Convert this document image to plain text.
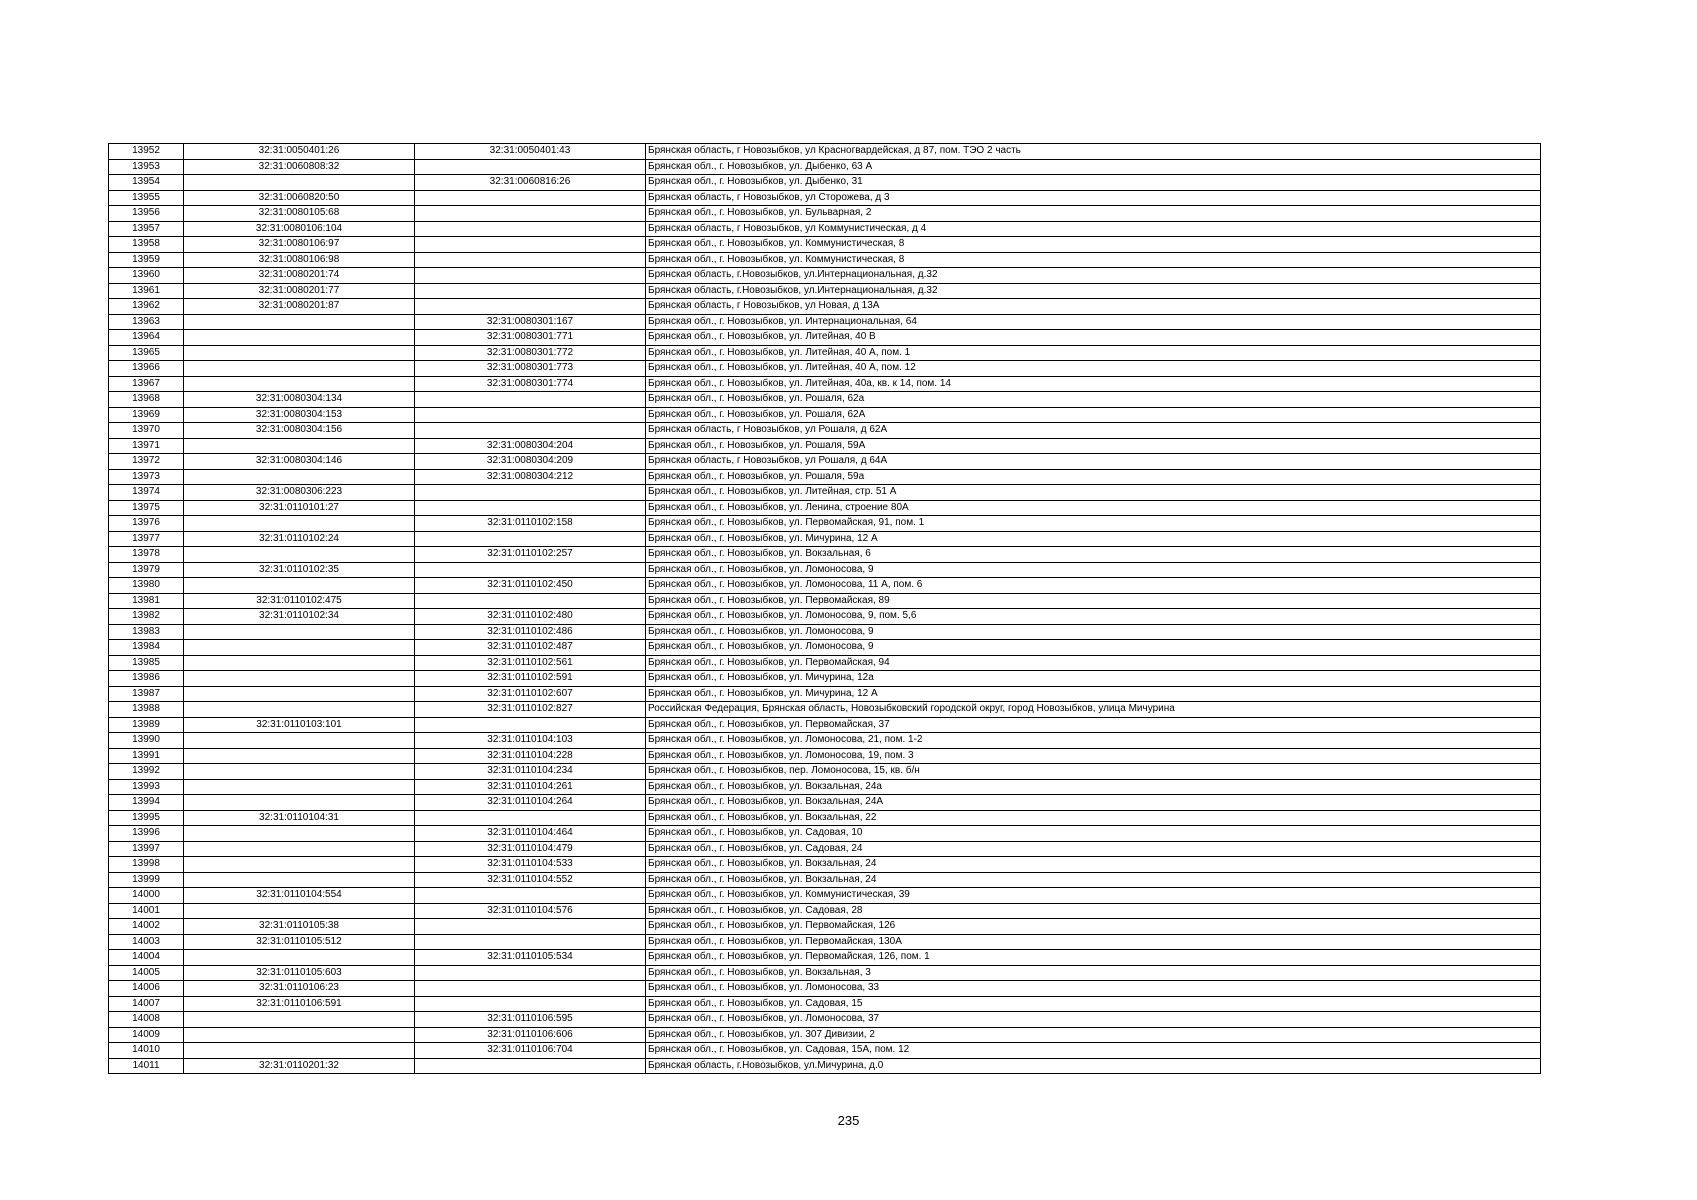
13952	32:31:0050401:26	32:31:0050401:43	Брянская область, г Новозыбков, ул Красногвардейская, д 87, пом. ТЭО 2 часть
13953	32:31:0060808:32		Брянская обл., г. Новозыбков, ул. Дыбенко, 63 А
13954		32:31:0060816:26	Брянская обл., г. Новозыбков, ул. Дыбенко, 31
13955	32:31:0060820:50		Брянская область, г Новозыбков, ул Сторожева, д 3
13956	32:31:0080105:68		Брянская обл., г. Новозыбков, ул. Бульварная, 2
13957	32:31:0080106:104		Брянская область, г Новозыбков, ул Коммунистическая, д 4
13958	32:31:0080106:97		Брянская обл., г. Новозыбков, ул. Коммунистическая, 8
13959	32:31:0080106:98		Брянская обл., г. Новозыбков, ул. Коммунистическая, 8
13960	32:31:0080201:74		Брянская область, г.Новозыбков, ул.Интернациональная, д.32
13961	32:31:0080201:77		Брянская область, г.Новозыбков, ул.Интернациональная, д.32
13962	32:31:0080201:87		Брянская область, г Новозыбков, ул Новая, д 13А
13963		32:31:0080301:167	Брянская обл., г. Новозыбков, ул. Интернациональная, 64
13964		32:31:0080301:771	Брянская обл., г. Новозыбков, ул. Литейная, 40 В
13965		32:31:0080301:772	Брянская обл., г. Новозыбков, ул. Литейная, 40 А, пом. 1
13966		32:31:0080301:773	Брянская обл., г. Новозыбков, ул. Литейная, 40 А, пом. 12
13967		32:31:0080301:774	Брянская обл., г. Новозыбков, ул. Литейная, 40а, кв. к 14, пом. 14
13968	32:31:0080304:134		Брянская обл., г. Новозыбков, ул. Рошаля, 62а
13969	32:31:0080304:153		Брянская обл., г. Новозыбков, ул. Рошаля, 62А
13970	32:31:0080304:156		Брянская область, г Новозыбков, ул Рошаля, д 62А
13971		32:31:0080304:204	Брянская обл., г. Новозыбков, ул. Рошаля, 59А
13972	32:31:0080304:146	32:31:0080304:209	Брянская область, г Новозыбков, ул Рошаля, д 64А
13973		32:31:0080304:212	Брянская обл., г. Новозыбков, ул. Рошаля, 59а
13974	32:31:0080306:223		Брянская обл., г. Новозыбков, ул. Литейная, стр. 51 А
13975	32:31:0110101:27		Брянская обл., г. Новозыбков, ул. Ленина, строение 80А
13976		32:31:0110102:158	Брянская обл., г. Новозыбков, ул. Первомайская, 91, пом. 1
13977	32:31:0110102:24		Брянская обл., г. Новозыбков, ул. Мичурина, 12 А
13978		32:31:0110102:257	Брянская обл., г. Новозыбков, ул. Вокзальная, 6
13979	32:31:0110102:35		Брянская обл., г. Новозыбков, ул. Ломоносова, 9
13980		32:31:0110102:450	Брянская обл., г. Новозыбков, ул. Ломоносова, 11 А, пом. 6
13981	32:31:0110102:475		Брянская обл., г. Новозыбков, ул. Первомайская, 89
13982	32:31:0110102:34	32:31:0110102:480	Брянская обл., г. Новозыбков, ул. Ломоносова, 9, пом. 5,6
13983		32:31:0110102:486	Брянская обл., г. Новозыбков, ул. Ломоносова, 9
13984		32:31:0110102:487	Брянская обл., г. Новозыбков, ул. Ломоносова, 9
13985		32:31:0110102:561	Брянская обл., г. Новозыбков, ул. Первомайская, 94
13986		32:31:0110102:591	Брянская обл., г. Новозыбков, ул. Мичурина, 12а
13987		32:31:0110102:607	Брянская обл., г. Новозыбков, ул. Мичурина, 12 А
13988		32:31:0110102:827	Российская Федерация, Брянская область, Новозыбковский городской округ, город Новозыбков, улица Мичурина
13989	32:31:0110103:101		Брянская обл., г. Новозыбков, ул. Первомайская, 37
13990		32:31:0110104:103	Брянская обл., г. Новозыбков, ул. Ломоносова, 21, пом. 1-2
13991		32:31:0110104:228	Брянская обл., г. Новозыбков, ул. Ломоносова, 19, пом. 3
13992		32:31:0110104:234	Брянская обл., г. Новозыбков, пер. Ломоносова, 15, кв. б/н
13993		32:31:0110104:261	Брянская обл., г. Новозыбков, ул. Вокзальная, 24а
13994		32:31:0110104:264	Брянская обл., г. Новозыбков, ул. Вокзальная, 24А
13995	32:31:0110104:31		Брянская обл., г. Новозыбков, ул. Вокзальная, 22
13996		32:31:0110104:464	Брянская обл., г. Новозыбков, ул. Садовая, 10
13997		32:31:0110104:479	Брянская обл., г. Новозыбков, ул. Садовая, 24
13998		32:31:0110104:533	Брянская обл., г. Новозыбков, ул. Вокзальная, 24
13999		32:31:0110104:552	Брянская обл., г. Новозыбков, ул. Вокзальная, 24
14000	32:31:0110104:554		Брянская обл., г. Новозыбков, ул. Коммунистическая, 39
14001		32:31:0110104:576	Брянская обл., г. Новозыбков, ул. Садовая, 28
14002	32:31:0110105:38		Брянская обл., г. Новозыбков, ул. Первомайская, 126
14003	32:31:0110105:512		Брянская обл., г. Новозыбков, ул. Первомайская, 130А
14004		32:31:0110105:534	Брянская обл., г. Новозыбков, ул. Первомайская, 126, пом. 1
14005	32:31:0110105:603		Брянская обл., г. Новозыбков, ул. Вокзальная, 3
14006	32:31:0110106:23		Брянская обл., г. Новозыбков, ул. Ломоносова, 33
14007	32:31:0110106:591		Брянская обл., г. Новозыбков, ул. Садовая, 15
14008		32:31:0110106:595	Брянская обл., г. Новозыбков, ул. Ломоносова, 37
14009		32:31:0110106:606	Брянская обл., г. Новозыбков, ул. 307 Дивизии, 2
14010		32:31:0110106:704	Брянская обл., г. Новозыбков, ул. Садовая, 15А, пом. 12
14011	32:31:0110201:32		Брянская область, г.Новозыбков, ул.Мичурина, д.0
235
